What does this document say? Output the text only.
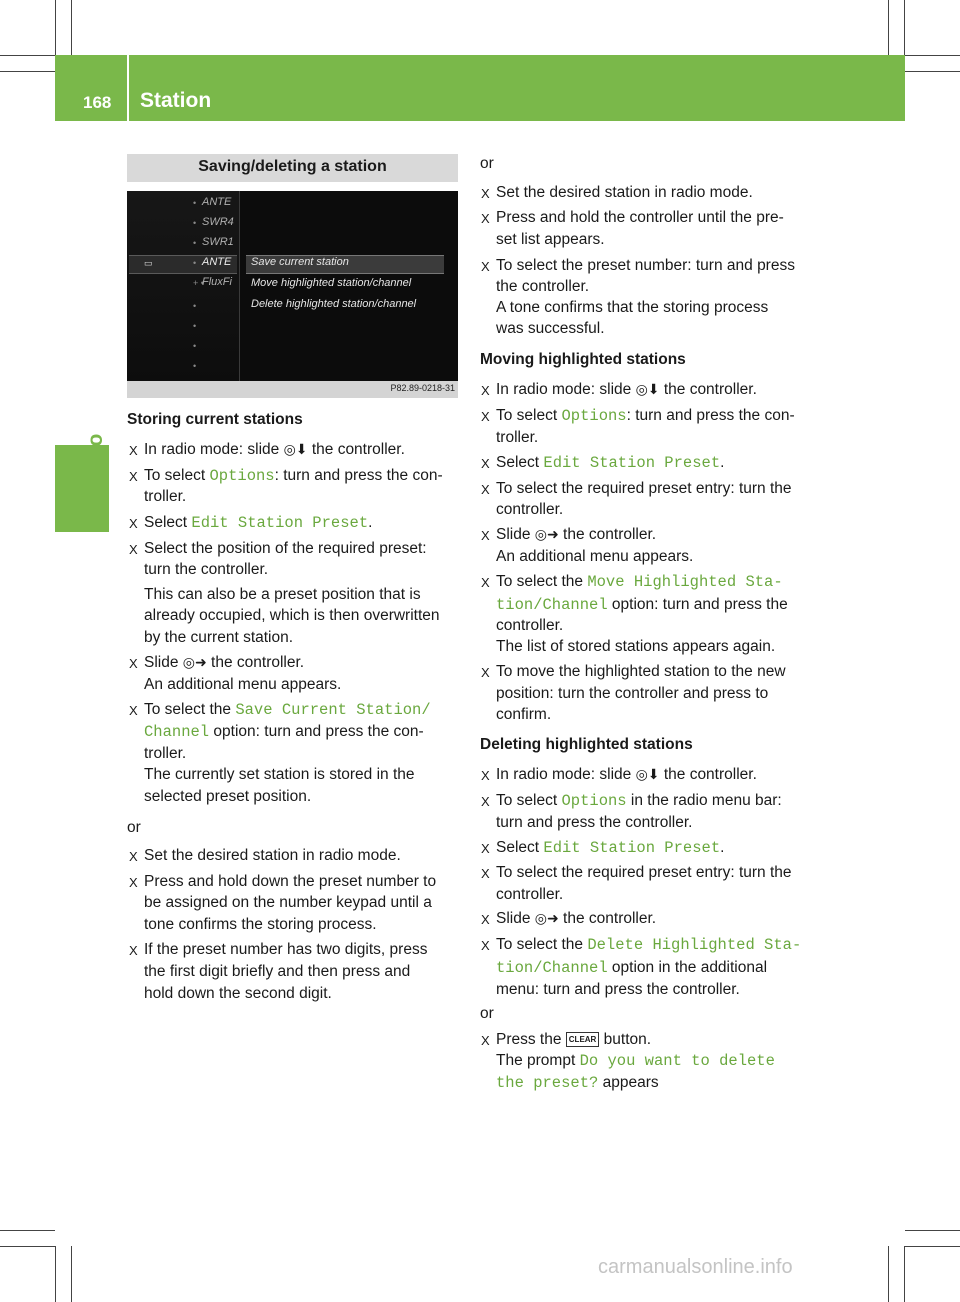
168 Station
Saving/deleting a station
▭
• ANTE
• SWR4
• SWR1
• ANTE
+ •
FluxFi
•
•
•
•
Save current station
Move highlighted station/channel
Delete highlighted station/channel
P82.89-0218-31
Storing current stations
X In radio mode: slide ◎⬇ the controller.
X To select Options: turn and press the con-
troller.
X Select Edit Station Preset.
X Select the position of the required preset:
turn the controller.
This can also be a preset position that is
already occupied, which is then overwritten
by the current station.
X Slide ◎➜ the controller.
An additional menu appears.
X To select the Save Current Station/
Channel option: turn and press the con-
troller.
The currently set station is stored in the
selected preset position.
or
X Set the desired station in radio mode.
X Press and hold down the preset number to
be assigned on the number keypad until a
tone confirms the storing process.
X If the preset number has two digits, press
the first digit briefly and then press and
hold down the second digit.
or
X Set the desired station in radio mode.
X Press and hold the controller until the pre-
set list appears.
X To select the preset number: turn and press
the controller.
A tone confirms that the storing process
was successful.
Moving highlighted stations
X In radio mode: slide ◎⬇ the controller.
X To select Options: turn and press the con-
troller.
X Select Edit Station Preset.
X To select the required preset entry: turn the
controller.
X Slide ◎➜ the controller.
An additional menu appears.
X To select the Move Highlighted Sta‐
tion/Channel option: turn and press the
controller.
The list of stored stations appears again.
X To move the highlighted station to the new
position: turn the controller and press to
confirm.
Deleting highlighted stations
X In radio mode: slide ◎⬇ the controller.
X To select Options in the radio menu bar:
turn and press the controller.
X Select Edit Station Preset.
X To select the required preset entry: turn the
controller.
X Slide ◎➜ the controller.
X To select the Delete Highlighted Sta‐
tion/Channel option in the additional
menu: turn and press the controller.
or
X Press the CLEAR button.
The prompt Do you want to delete
the preset? appears
carmanualsonline.info
